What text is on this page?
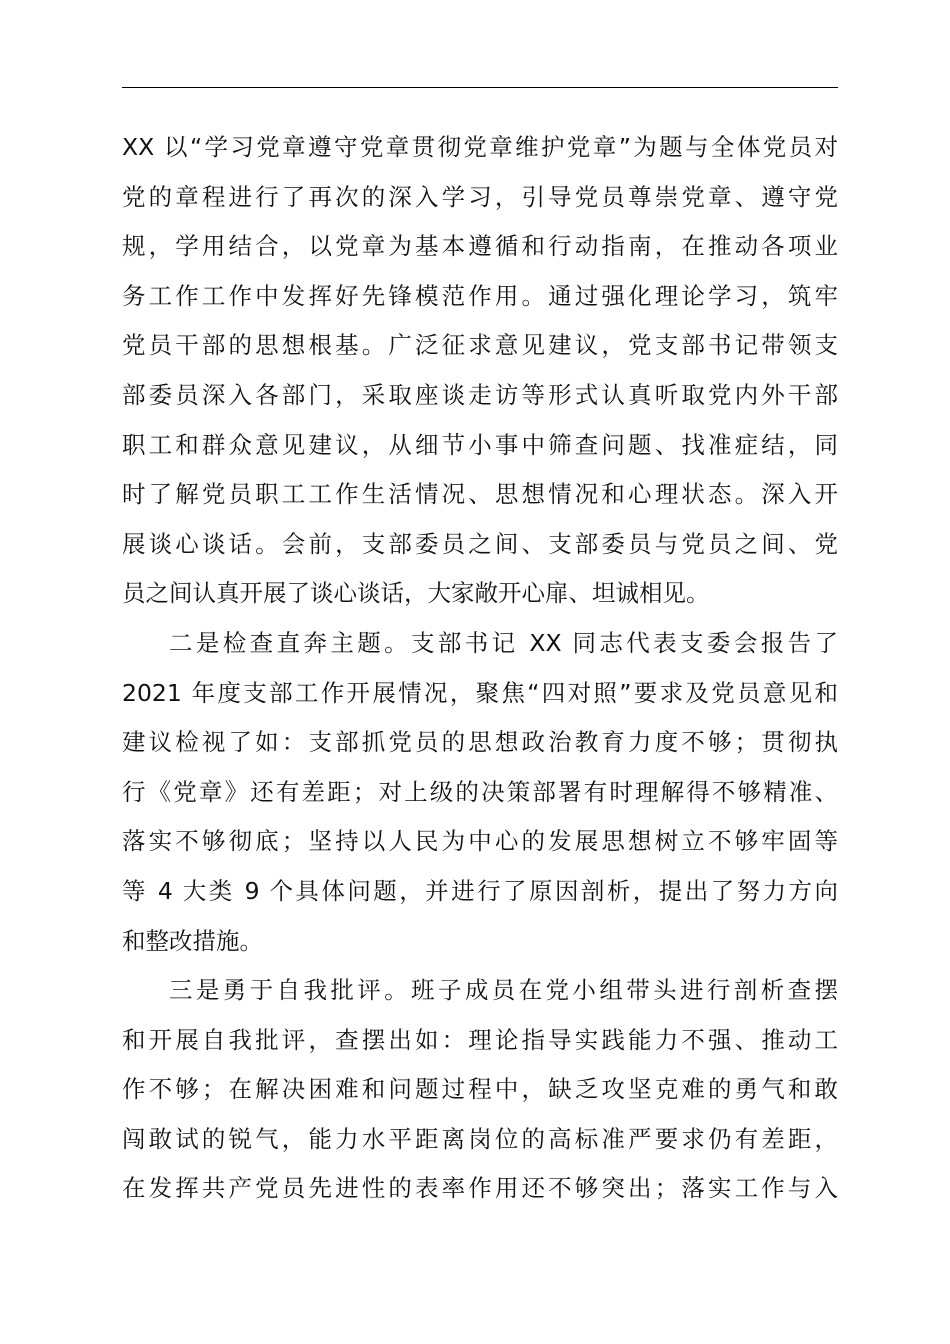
XX 以“学习党章遵守党章贯彻党章维护党章”为题与全体党员对
党的章程进行了再次的深入学习，引导党员尊崇党章、遵守党
规，学用结合，以党章为基本遵循和行动指南，在推动各项业
务工作工作中发挥好先锋模范作用。通过强化理论学习，筑牢
党员干部的思想根基。广泛征求意见建议，党支部书记带领支
部委员深入各部门，采取座谈走访等形式认真听取党内外干部
职工和群众意见建议，从细节小事中筛查问题、找准症结，同
时了解党员职工工作生活情况、思想情况和心理状态。深入开
展谈心谈话。会前，支部委员之间、支部委员与党员之间、党
员之间认真开展了谈心谈话，大家敞开心扉、坦诚相见。
二是检查直奔主题。支部书记 XX 同志代表支委会报告了
2021 年度支部工作开展情况，聚焦“四对照”要求及党员意见和
建议检视了如：支部抓党员的思想政治教育力度不够；贯彻执
行《党章》还有差距；对上级的决策部署有时理解得不够精准、
落实不够彻底；坚持以人民为中心的发展思想树立不够牢固等
等 4 大类 9 个具体问题，并进行了原因剖析，提出了努力方向
和整改措施。
三是勇于自我批评。班子成员在党小组带头进行剖析查摆
和开展自我批评，查摆出如：理论指导实践能力不强、推动工
作不够；在解决困难和问题过程中，缺乏攻坚克难的勇气和敢
闯敢试的锐气，能力水平距离岗位的高标准严要求仍有差距，
在发挥共产党员先进性的表率作用还不够突出；落实工作与入
